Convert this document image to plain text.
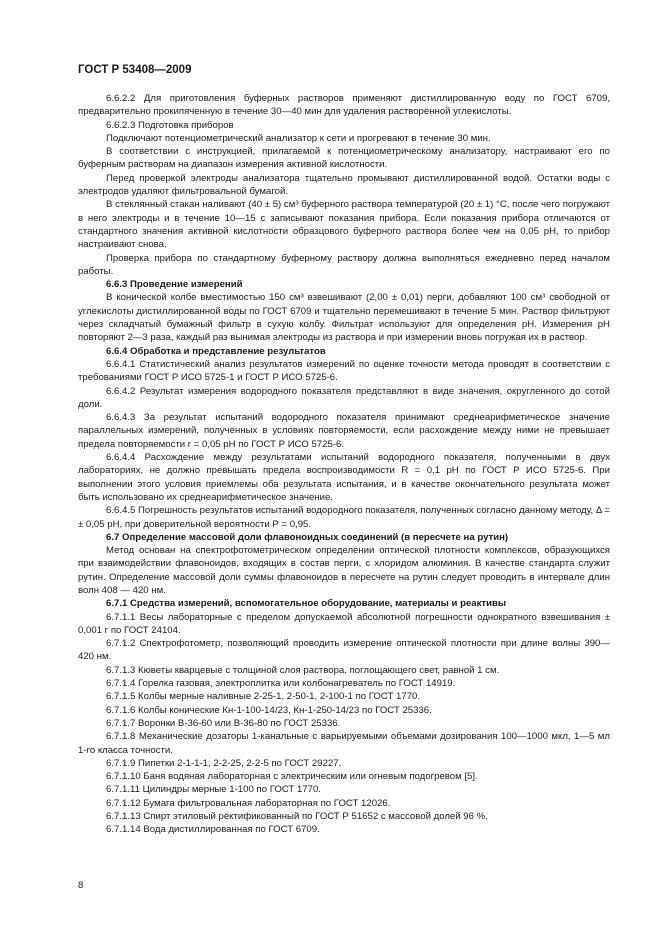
ГОСТ Р 53408—2009

6.6.2.2 Для приготовления буферных растворов применяют дистиллированную воду по ГОСТ 6709, предварительно прокипяченную в течение 30—40 мин для удаления растворенной углекислоты.

6.6.2.3 Подготовка приборов

Подключают потенциометрический анализатор к сети и прогревают в течение 30 мин.

В соответствии с инструкцией, прилагаемой к потенциометрическому анализатору, настраивают его по буферным растворам на диапазон измерения активной кислотности.

Перед проверкой электроды анализатора тщательно промывают дистиллированной водой. Остатки воды с электродов удаляют фильтровальной бумагой.

В стеклянный стакан наливают (40 ± 5) см³ буферного раствора температурой (20 ± 1) °С, после чего погружают в него электроды и в течение 10—15 с записывают показания прибора. Если показания прибора отличаются от стандартного значения активной кислотности образцового буферного раствора более чем на 0,05 рН, то прибор настраивают снова.

Проверка прибора по стандартному буферному раствору должна выполняться ежедневно перед началом работы.

6.6.3 Проведение измерений

В конической колбе вместимостью 150 см³ взвешивают (2,00 ± 0,01) перги, добавляют 100 см³ свободной от углекислоты дистиллированной воды по ГОСТ 6709 и тщательно перемешивают в течение 5 мин. Раствор фильтруют через складчатый бумажный фильтр в сухую колбу. Фильтрат используют для определения рН. Измерения рН повторяют 2—3 раза, каждый раз вынимая электроды из раствора и при измерении вновь погружая их в раствор.

6.6.4 Обработка и представление результатов

6.6.4.1 Статистический анализ результатов измерений по оценке точности метода проводят в соответствии с требованиями ГОСТ Р ИСО 5725-1 и ГОСТ Р ИСО 5725-6.

6.6.4.2 Результат измерения водородного показателя представляют в виде значения, округленного до сотой доли.

6.6.4.3 За результат испытаний водородного показателя принимают среднеарифметическое значение параллельных измерений, полученных в условиях повторяемости, если расхождение между ними не превышает предела повторяемости r = 0,05 pH по ГОСТ Р ИСО 5725-6.

6.6.4.4 Расхождение между результатами испытаний водородного показателя, полученными в двух лабораториях, не должно превышать предела воспроизводимости R = 0,1 pH по ГОСТ Р ИСО 5725-6. При выполнении этого условия приемлемы оба результата испытания, и в качестве окончательного результата может быть использовано их среднеарифметическое значение.

6.6.4.5 Погрешность результатов испытаний водородного показателя, полученных согласно данному методу, Δ = ± 0,05 pH, при доверительной вероятности Р = 0,95.

6.7 Определение массовой доли флавоноидных соединений (в пересчете на рутин)

Метод основан на спектрофотометрическом определении оптической плотности комплексов, образующихся при взаимодействии флавоноидов, входящих в состав перги, с хлоридом алюминия. В качестве стандарта служит рутин. Определение массовой доли суммы флавоноидов в пересчете на рутин следует проводить в интервале длин волн 408 — 420 нм.

6.7.1 Средства измерений, вспомогательное оборудование, материалы и реактивы

6.7.1.1 Весы лабораторные с пределом допускаемой абсолютной погрешности однократного взвешивания ± 0,001 г по ГОСТ 24104.

6.7.1.2 Спектрофотометр, позволяющий проводить измерение оптической плотности при длине волны 390—420 нм.

6.7.1.3 Кюветы кварцевые с толщиной слоя раствора, поглощающего свет, равной 1 см.

6.7.1.4 Горелка газовая, электроплитка или колбонагреватель по ГОСТ 14919.

6.7.1.5 Колбы мерные наливные 2-25-1, 2-50-1, 2-100-1 по ГОСТ 1770.

6.7.1.6 Колбы конические Кн-1-100-14/23, Кн-1-250-14/23 по ГОСТ 25336.

6.7.1.7 Воронки В-36-60 или В-36-80 по ГОСТ 25336.

6.7.1.8 Механические дозаторы 1-канальные с варьируемыми объемами дозирования 100—1000 мкл, 1—5 мл 1-го класса точности.

6.7.1.9 Пипетки 2-1-1-1, 2-2-25, 2-2-5 по ГОСТ 29227.

6.7.1.10 Баня водяная лабораторная с электрическим или огневым подогревом [5].

6.7.1.11 Цилиндры мерные 1-100 по ГОСТ 1770.

6.7.1.12 Бумага фильтровальная лабораторная по ГОСТ 12026.

6.7.1.13 Спирт этиловый ректификованный по ГОСТ Р 51652 с массовой долей 96 %.

6.7.1.14 Вода дистиллированная по ГОСТ 6709.

8
